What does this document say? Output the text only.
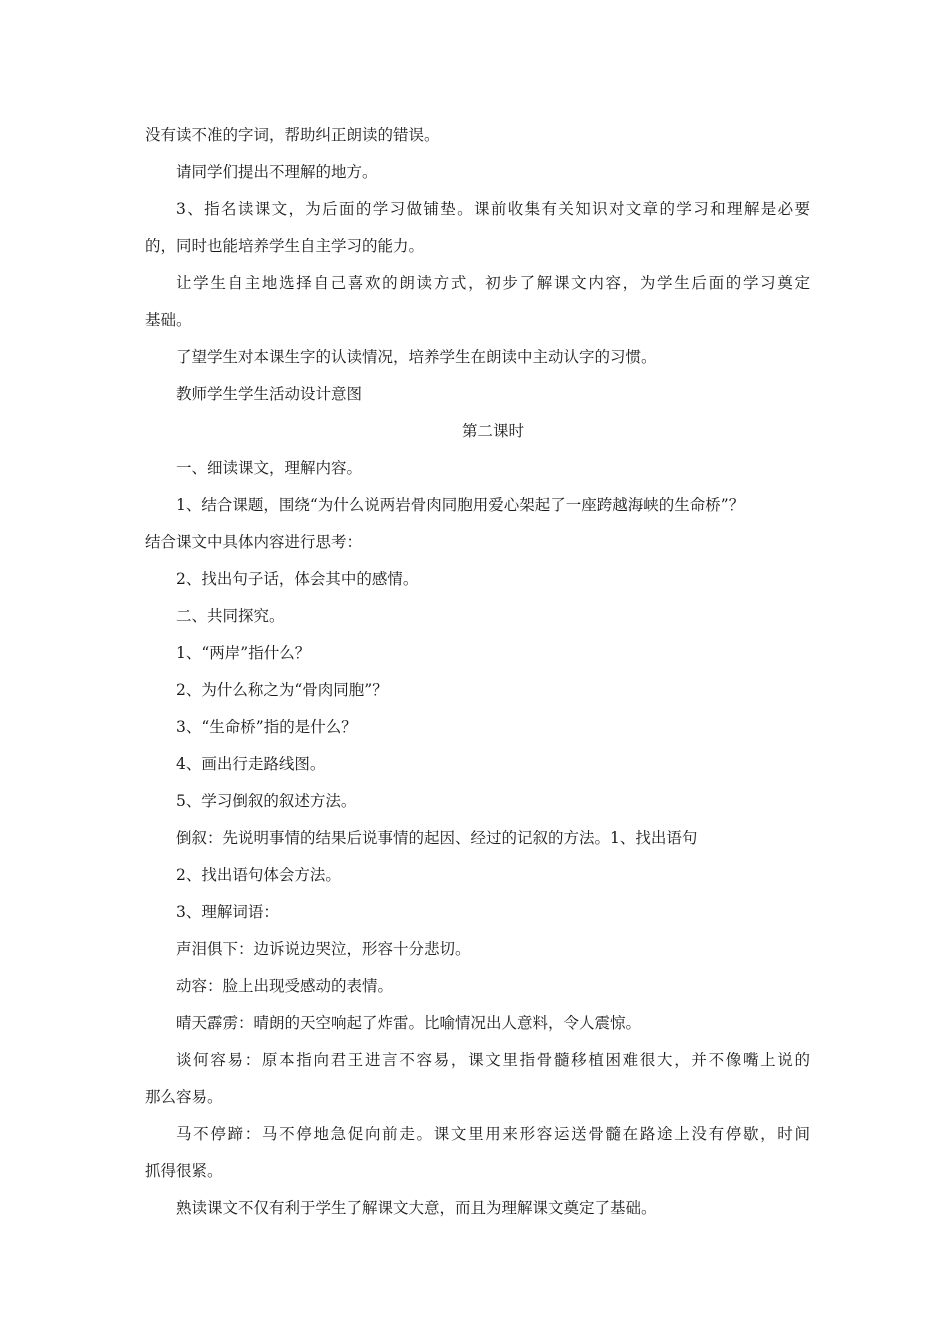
没有读不准的字词，帮助纠正朗读的错误。
请同学们提出不理解的地方。
3、指名读课文，为后面的学习做铺垫。课前收集有关知识对文章的学习和理解是必要
的，同时也能培养学生自主学习的能力。
让学生自主地选择自己喜欢的朗读方式，初步了解课文内容，为学生后面的学习奠定
基础。
了望学生对本课生字的认读情况，培养学生在朗读中主动认字的习惯。
教师学生学生活动设计意图
第二课时
一、细读课文，理解内容。
1、结合课题，围绕“为什么说两岩骨肉同胞用爱心架起了一座跨越海峡的生命桥”？
结合课文中具体内容进行思考：
2、找出句子话，体会其中的感情。
二、共同探究。
1、“两岸”指什么？
2、为什么称之为“骨肉同胞”？
3、“生命桥”指的是什么？
4、画出行走路线图。
5、学习倒叙的叙述方法。
倒叙：先说明事情的结果后说事情的起因、经过的记叙的方法。1、找出语句
2、找出语句体会方法。
3、理解词语：
声泪俱下：边诉说边哭泣，形容十分悲切。
动容：脸上出现受感动的表情。
晴天霹雳：晴朗的天空响起了炸雷。比喻情况出人意料，令人震惊。
谈何容易：原本指向君王进言不容易，课文里指骨髓移植困难很大，并不像嘴上说的
那么容易。
马不停蹄：马不停地急促向前走。课文里用来形容运送骨髓在路途上没有停歇，时间
抓得很紧。
熟读课文不仅有利于学生了解课文大意，而且为理解课文奠定了基础。
